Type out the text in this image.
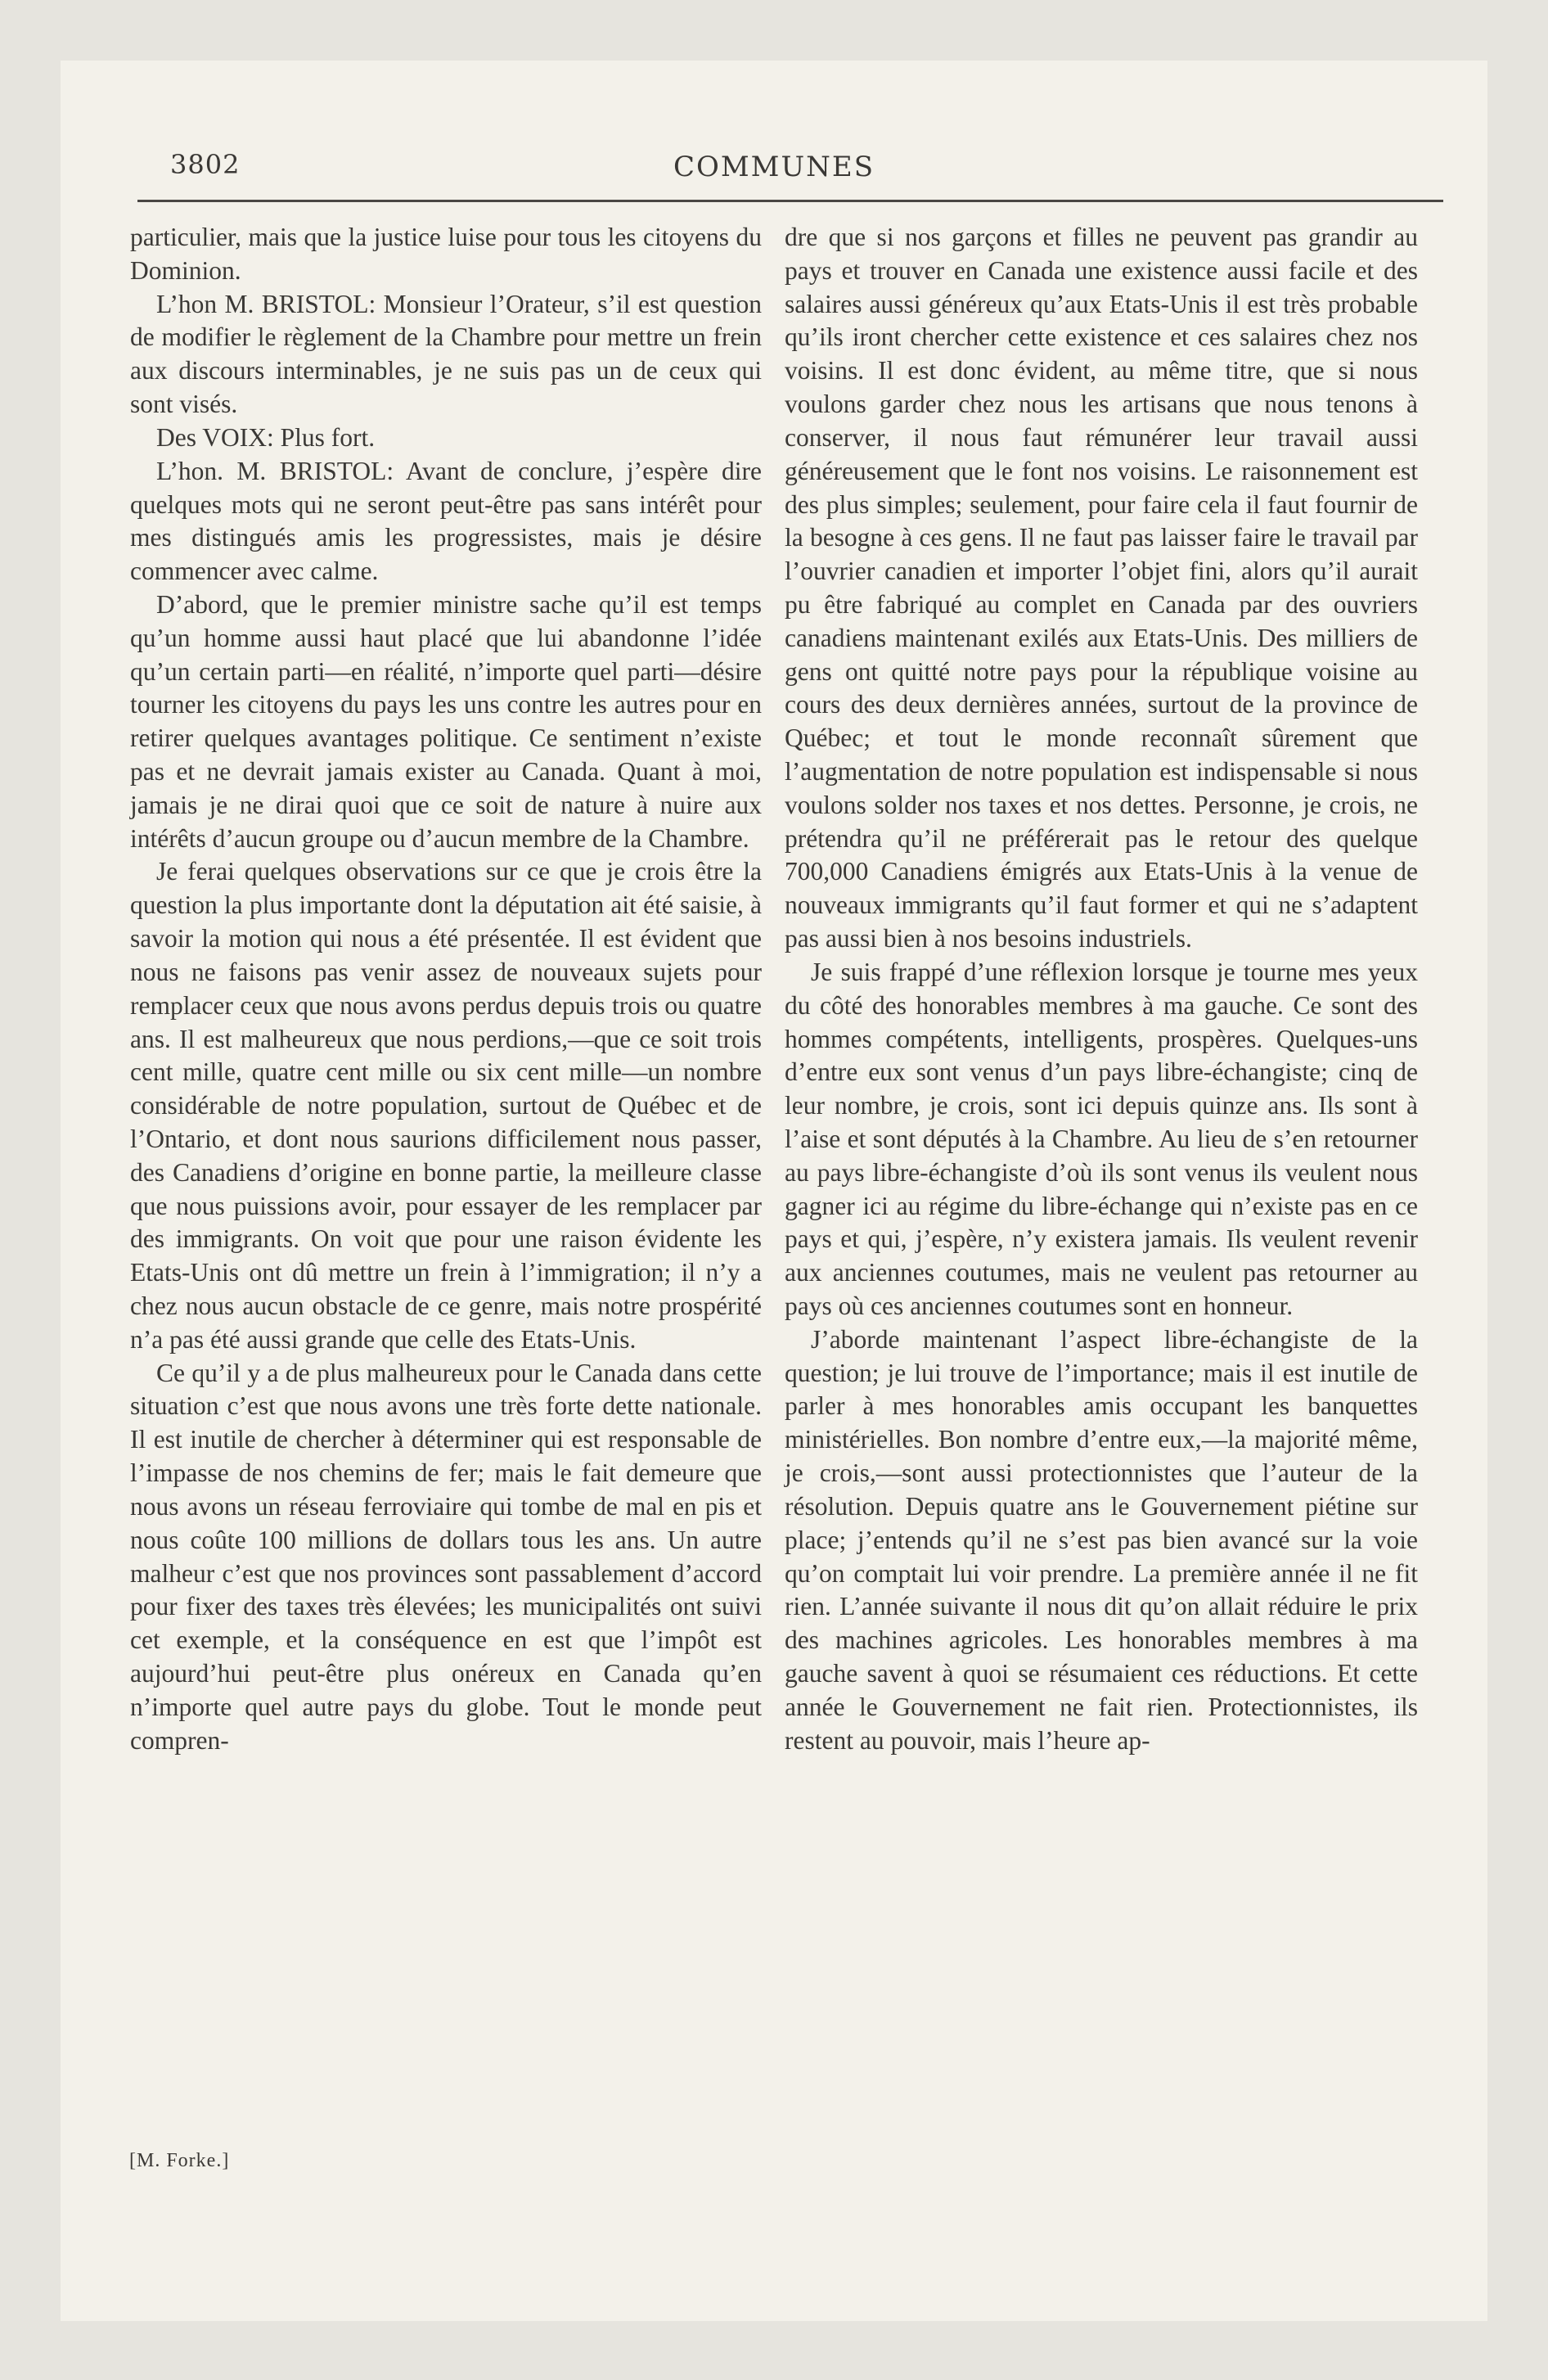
3802	COMMUNES

particulier, mais que la justice luise pour tous les citoyens du Dominion.

L’hon M. BRISTOL: Monsieur l’Orateur, s’il est question de modifier le règlement de la Chambre pour mettre un frein aux discours interminables, je ne suis pas un de ceux qui sont visés.

Des VOIX: Plus fort.

L’hon. M. BRISTOL: Avant de conclure, j’espère dire quelques mots qui ne seront peut-être pas sans intérêt pour mes distingués amis les progressistes, mais je désire commencer avec calme.

D’abord, que le premier ministre sache qu’il est temps qu’un homme aussi haut placé que lui abandonne l’idée qu’un certain parti—en réalité, n’importe quel parti—désire tourner les citoyens du pays les uns contre les autres pour en retirer quelques avantages politique. Ce sentiment n’existe pas et ne devrait jamais exister au Canada. Quant à moi, jamais je ne dirai quoi que ce soit de nature à nuire aux intérêts d’aucun groupe ou d’aucun membre de la Chambre.

Je ferai quelques observations sur ce que je crois être la question la plus importante dont la députation ait été saisie, à savoir la motion qui nous a été présentée. Il est évident que nous ne faisons pas venir assez de nouveaux sujets pour remplacer ceux que nous avons perdus depuis trois ou quatre ans. Il est malheureux que nous perdions,—que ce soit trois cent mille, quatre cent mille ou six cent mille—un nombre considérable de notre population, surtout de Québec et de l’Ontario, et dont nous saurions difficilement nous passer, des Canadiens d’origine en bonne partie, la meilleure classe que nous puissions avoir, pour essayer de les remplacer par des immigrants. On voit que pour une raison évidente les Etats-Unis ont dû mettre un frein à l’immigration; il n’y a chez nous aucun obstacle de ce genre, mais notre prospérité n’a pas été aussi grande que celle des Etats-Unis.

Ce qu’il y a de plus malheureux pour le Canada dans cette situation c’est que nous avons une très forte dette nationale. Il est inutile de chercher à déterminer qui est responsable de l’impasse de nos chemins de fer; mais le fait demeure que nous avons un réseau ferroviaire qui tombe de mal en pis et nous coûte 100 millions de dollars tous les ans. Un autre malheur c’est que nos provinces sont passablement d’accord pour fixer des taxes très élevées; les municipalités ont suivi cet exemple, et la conséquence en est que l’impôt est aujourd’hui peut-être plus onéreux en Canada qu’en n’importe quel autre pays du globe. Tout le monde peut compren-

dre que si nos garçons et filles ne peuvent pas grandir au pays et trouver en Canada une existence aussi facile et des salaires aussi généreux qu’aux Etats-Unis il est très probable qu’ils iront chercher cette existence et ces salaires chez nos voisins. Il est donc évident, au même titre, que si nous voulons garder chez nous les artisans que nous tenons à conserver, il nous faut rémunérer leur travail aussi généreusement que le font nos voisins. Le raisonnement est des plus simples; seulement, pour faire cela il faut fournir de la besogne à ces gens. Il ne faut pas laisser faire le travail par l’ouvrier canadien et importer l’objet fini, alors qu’il aurait pu être fabriqué au complet en Canada par des ouvriers canadiens maintenant exilés aux Etats-Unis. Des milliers de gens ont quitté notre pays pour la république voisine au cours des deux dernières années, surtout de la province de Québec; et tout le monde reconnaît sûrement que l’augmentation de notre population est indispensable si nous voulons solder nos taxes et nos dettes. Personne, je crois, ne prétendra qu’il ne préférerait pas le retour des quelque 700,000 Canadiens émigrés aux Etats-Unis à la venue de nouveaux immigrants qu’il faut former et qui ne s’adaptent pas aussi bien à nos besoins industriels.

Je suis frappé d’une réflexion lorsque je tourne mes yeux du côté des honorables membres à ma gauche. Ce sont des hommes compétents, intelligents, prospères. Quelques-uns d’entre eux sont venus d’un pays libre-échangiste; cinq de leur nombre, je crois, sont ici depuis quinze ans. Ils sont à l’aise et sont députés à la Chambre. Au lieu de s’en retourner au pays libre-échangiste d’où ils sont venus ils veulent nous gagner ici au régime du libre-échange qui n’existe pas en ce pays et qui, j’espère, n’y existera jamais. Ils veulent revenir aux anciennes coutumes, mais ne veulent pas retourner au pays où ces anciennes coutumes sont en honneur.

J’aborde maintenant l’aspect libre-échangiste de la question; je lui trouve de l’importance; mais il est inutile de parler à mes honorables amis occupant les banquettes ministérielles. Bon nombre d’entre eux,—la majorité même, je crois,—sont aussi protectionnistes que l’auteur de la résolution. Depuis quatre ans le Gouvernement piétine sur place; j’entends qu’il ne s’est pas bien avancé sur la voie qu’on comptait lui voir prendre. La première année il ne fit rien. L’année suivante il nous dit qu’on allait réduire le prix des machines agricoles. Les honorables membres à ma gauche savent à quoi se résumaient ces réductions. Et cette année le Gouvernement ne fait rien. Protectionnistes, ils restent au pouvoir, mais l’heure ap-

[M. Forke.]
